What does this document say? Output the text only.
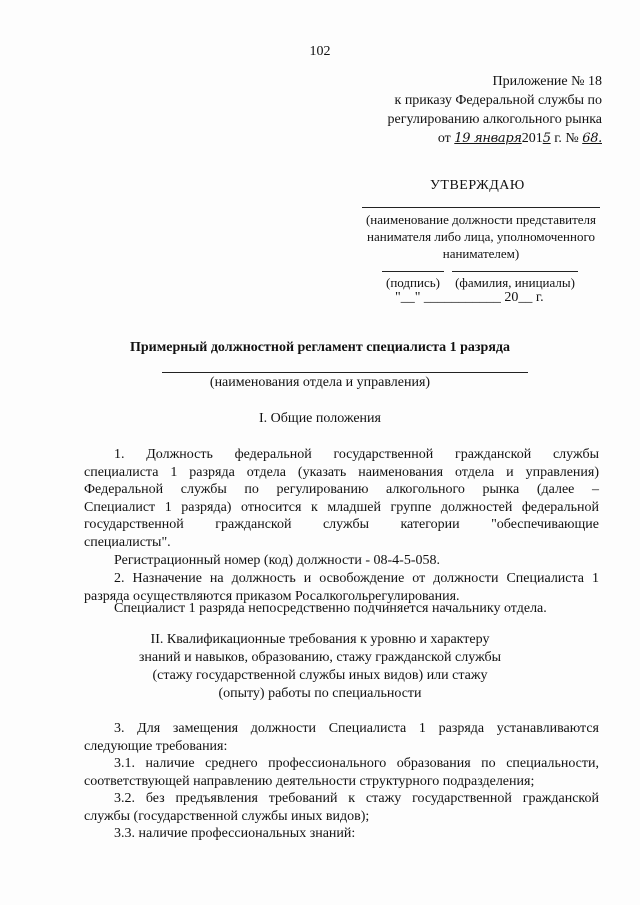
102
Приложение № 18
к приказу Федеральной службы по
регулированию алкогольного рынка
от 19 января2015 г. № 68.
УТВЕРЖДАЮ
(наименование должности представителя
нанимателя либо лица, уполномоченного
нанимателем)
(подпись)	(фамилия, инициалы)
"__" ___________ 20__ г.
Примерный должностной регламент специалиста 1 разряда
(наименования отдела и управления)
I. Общие положения
1. Должность федеральной государственной гражданской службы
специалиста 1 разряда отдела (указать наименования отдела и управления)
Федеральной службы по регулированию алкогольного рынка (далее –
Специалист 1 разряда) относится к младшей группе должностей федеральной
государственной гражданской службы категории "обеспечивающие
специалисты".
Регистрационный номер (код) должности - 08-4-5-058.
2. Назначение на должность и освобождение от должности Специалиста 1
разряда осуществляются приказом Росалкогольрегулирования.
Специалист 1 разряда непосредственно подчиняется начальнику отдела.
II. Квалификационные требования к уровню и характеру
знаний и навыков, образованию, стажу гражданской службы
(стажу государственной службы иных видов) или стажу
(опыту) работы по специальности
3. Для замещения должности Специалиста 1 разряда устанавливаются
следующие требования:
3.1. наличие среднего профессионального образования по специальности,
соответствующей направлению деятельности структурного подразделения;
3.2. без предъявления требований к стажу государственной гражданской
службы (государственной службы иных видов);
3.3. наличие профессиональных знаний:
